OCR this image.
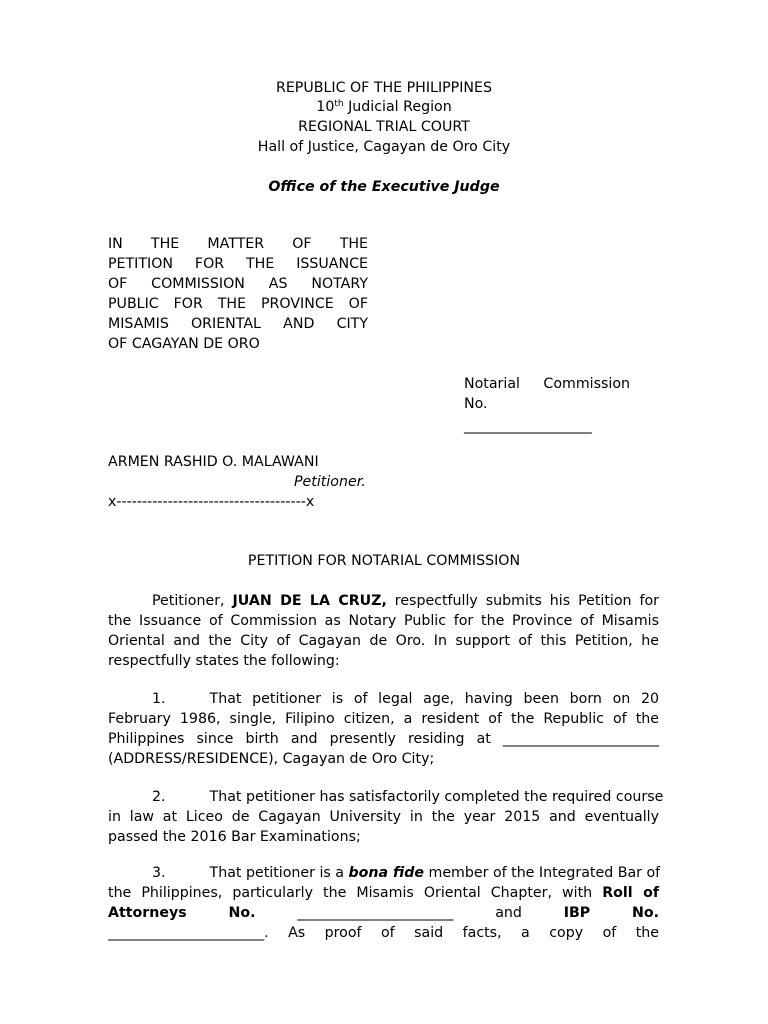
REPUBLIC OF THE PHILIPPINES
10th Judicial Region
REGIONAL TRIAL COURT
Hall of Justice, Cagayan de Oro City
Office of the Executive Judge
IN THE MATTER OF THE
PETITION FOR THE ISSUANCE
OF COMMISSION AS NOTARY
PUBLIC FOR THE PROVINCE OF
MISAMIS ORIENTAL AND CITY
OF CAGAYAN DE ORO
Notarial Commission
No.
__________________
ARMEN RASHID O. MALAWANI
Petitioner.
x-------------------------------------x
PETITION FOR NOTARIAL COMMISSION
Petitioner, JUAN DE LA CRUZ, respectfully submits his Petition for
the Issuance of Commission as Notary Public for the Province of Misamis
Oriental and the City of Cagayan de Oro. In support of this Petition, he
respectfully states the following:
1.	That petitioner is of legal age, having been born on 20
February 1986, single, Filipino citizen, a resident of the Republic of the
Philippines since birth and presently residing at ______________________
(ADDRESS/RESIDENCE), Cagayan de Oro City;
2.	That petitioner has satisfactorily completed the required course
in law at Liceo de Cagayan University in the year 2015 and eventually
passed the 2016 Bar Examinations;
3.	That petitioner is a bona fide member of the Integrated Bar of
the Philippines, particularly the Misamis Oriental Chapter, with Roll of
Attorneys	No.	______________________	and	IBP	No.
______________________. As proof of said facts, a copy of the
